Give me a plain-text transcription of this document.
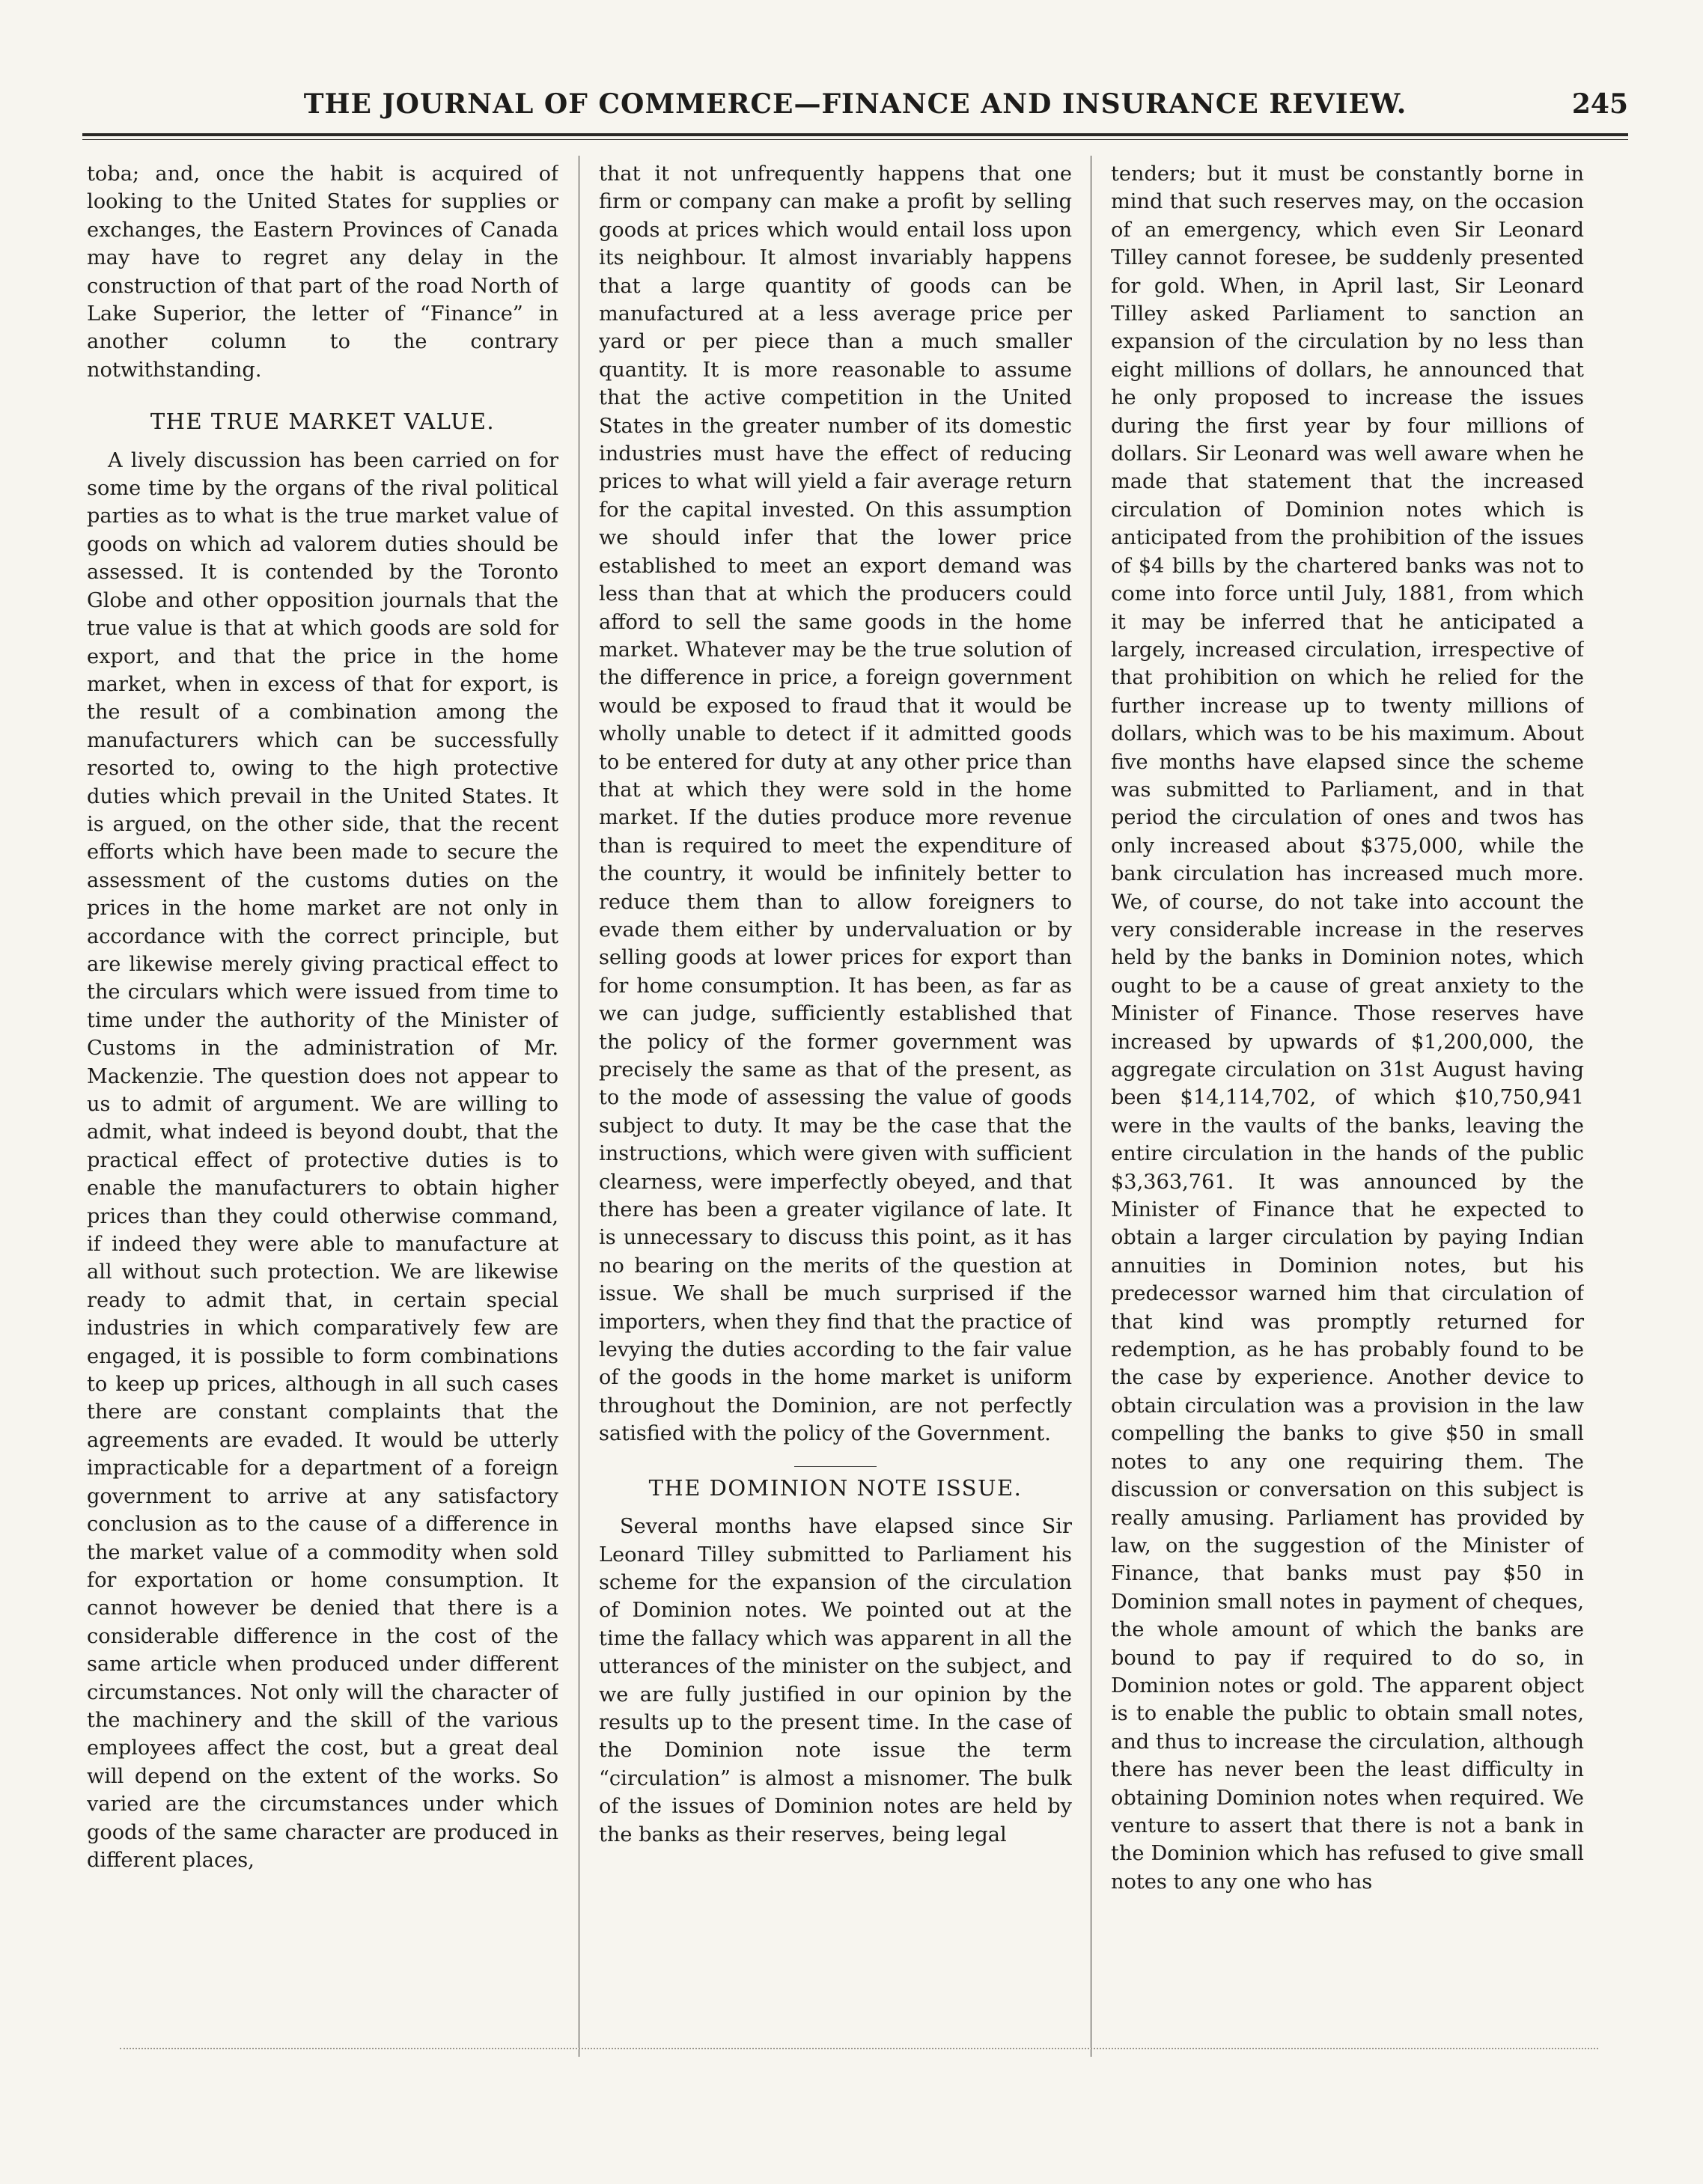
THE JOURNAL OF COMMERCE—FINANCE AND INSURANCE REVIEW.	245

toba; and, once the habit is acquired of looking to the United States for supplies or exchanges, the Eastern Provinces of Canada may have to regret any delay in the construction of that part of the road North of Lake Superior, the letter of “Finance” in another column to the contrary notwithstanding.

THE TRUE MARKET VALUE.

A lively discussion has been carried on for some time by the organs of the rival political parties as to what is the true market value of goods on which ad valorem duties should be assessed. It is contended by the Toronto Globe and other opposition journals that the true value is that at which goods are sold for export, and that the price in the home market, when in excess of that for export, is the result of a combination among the manufacturers which can be successfully resorted to, owing to the high protective duties which prevail in the United States. It is argued, on the other side, that the recent efforts which have been made to secure the assessment of the customs duties on the prices in the home market are not only in accordance with the correct principle, but are likewise merely giving practical effect to the circulars which were issued from time to time under the authority of the Minister of Customs in the administration of Mr. Mackenzie. The question does not appear to us to admit of argument. We are willing to admit, what indeed is beyond doubt, that the practical effect of protective duties is to enable the manufacturers to obtain higher prices than they could otherwise command, if indeed they were able to manufacture at all without such protection. We are likewise ready to admit that, in certain special industries in which comparatively few are engaged, it is possible to form combinations to keep up prices, although in all such cases there are constant complaints that the agreements are evaded. It would be utterly impracticable for a department of a foreign government to arrive at any satisfactory conclusion as to the cause of a difference in the market value of a commodity when sold for exportation or home consumption. It cannot however be denied that there is a considerable difference in the cost of the same article when produced under different circumstances. Not only will the character of the machinery and the skill of the various employees affect the cost, but a great deal will depend on the extent of the works. So varied are the circumstances under which goods of the same character are produced in different places,

that it not unfrequently happens that one firm or company can make a profit by selling goods at prices which would entail loss upon its neighbour. It almost invariably happens that a large quantity of goods can be manufactured at a less average price per yard or per piece than a much smaller quantity. It is more reasonable to assume that the active competition in the United States in the greater number of its domestic industries must have the effect of reducing prices to what will yield a fair average return for the capital invested. On this assumption we should infer that the lower price established to meet an export demand was less than that at which the producers could afford to sell the same goods in the home market. Whatever may be the true solution of the difference in price, a foreign government would be exposed to fraud that it would be wholly unable to detect if it admitted goods to be entered for duty at any other price than that at which they were sold in the home market. If the duties produce more revenue than is required to meet the expenditure of the country, it would be infinitely better to reduce them than to allow foreigners to evade them either by undervaluation or by selling goods at lower prices for export than for home consumption. It has been, as far as we can judge, sufficiently established that the policy of the former government was precisely the same as that of the present, as to the mode of assessing the value of goods subject to duty. It may be the case that the instructions, which were given with sufficient clearness, were imperfectly obeyed, and that there has been a greater vigilance of late. It is unnecessary to discuss this point, as it has no bearing on the merits of the question at issue. We shall be much surprised if the importers, when they find that the practice of levying the duties according to the fair value of the goods in the home market is uniform throughout the Dominion, are not perfectly satisfied with the policy of the Government.

THE DOMINION NOTE ISSUE.

Several months have elapsed since Sir Leonard Tilley submitted to Parliament his scheme for the expansion of the circulation of Dominion notes. We pointed out at the time the fallacy which was apparent in all the utterances of the minister on the subject, and we are fully justified in our opinion by the results up to the present time. In the case of the Dominion note issue the term “circulation” is almost a misnomer. The bulk of the issues of Dominion notes are held by the banks as their reserves, being legal

tenders; but it must be constantly borne in mind that such reserves may, on the occasion of an emergency, which even Sir Leonard Tilley cannot foresee, be suddenly presented for gold. When, in April last, Sir Leonard Tilley asked Parliament to sanction an expansion of the circulation by no less than eight millions of dollars, he announced that he only proposed to increase the issues during the first year by four millions of dollars. Sir Leonard was well aware when he made that statement that the increased circulation of Dominion notes which is anticipated from the prohibition of the issues of $4 bills by the chartered banks was not to come into force until July, 1881, from which it may be inferred that he anticipated a largely, increased circulation, irrespective of that prohibition on which he relied for the further increase up to twenty millions of dollars, which was to be his maximum. About five months have elapsed since the scheme was submitted to Parliament, and in that period the circulation of ones and twos has only increased about $375,000, while the bank circulation has increased much more. We, of course, do not take into account the very considerable increase in the reserves held by the banks in Dominion notes, which ought to be a cause of great anxiety to the Minister of Finance. Those reserves have increased by upwards of $1,200,000, the aggregate circulation on 31st August having been $14,114,702, of which $10,750,941 were in the vaults of the banks, leaving the entire circulation in the hands of the public $3,363,761. It was announced by the Minister of Finance that he expected to obtain a larger circulation by paying Indian annuities in Dominion notes, but his predecessor warned him that circulation of that kind was promptly returned for redemption, as he has probably found to be the case by experience. Another device to obtain circulation was a provision in the law compelling the banks to give $50 in small notes to any one requiring them. The discussion or conversation on this subject is really amusing. Parliament has provided by law, on the suggestion of the Minister of Finance, that banks must pay $50 in Dominion small notes in payment of cheques, the whole amount of which the banks are bound to pay if required to do so, in Dominion notes or gold. The apparent object is to enable the public to obtain small notes, and thus to increase the circulation, although there has never been the least difficulty in obtaining Dominion notes when required. We venture to assert that there is not a bank in the Dominion which has refused to give small notes to any one who has
